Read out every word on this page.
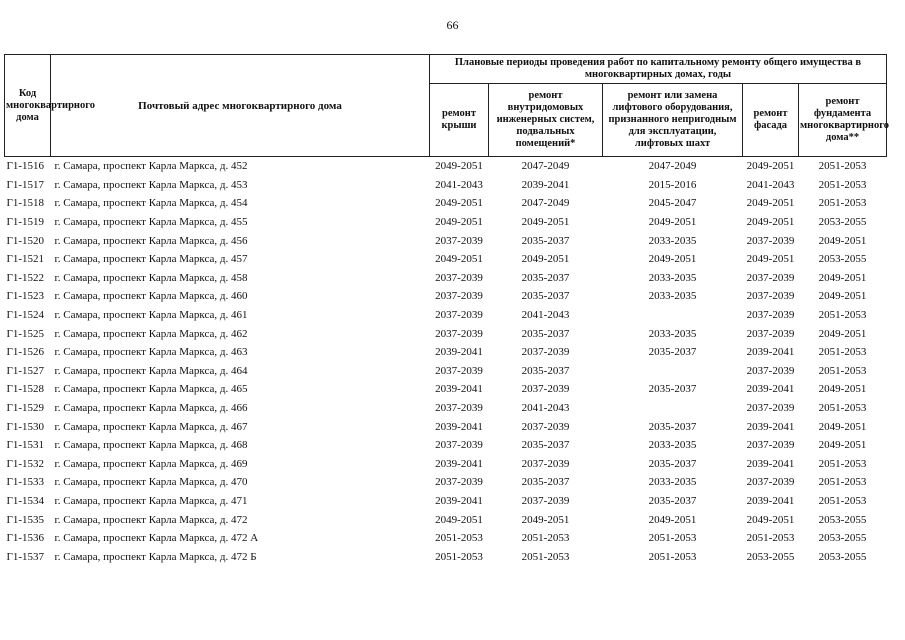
66
Код многоквартирного дома	Почтовый адрес многоквартирного дома	Плановые периоды проведения работ по капитальному ремонту общего имущества в многоквартирных домах, годы				
		ремонт крыши	ремонт внутридомовых инженерных систем, подвальных помещений*	ремонт или замена лифтового оборудования, признанного непригодным для эксплуатации, лифтовых шахт	ремонт фасада	ремонт фундамента многоквартирного дома**
Г1-1516	г. Самара, проспект Карла Маркса, д. 452	2049-2051	2047-2049	2047-2049	2049-2051	2051-2053
Г1-1517	г. Самара, проспект Карла Маркса, д. 453	2041-2043	2039-2041	2015-2016	2041-2043	2051-2053
Г1-1518	г. Самара, проспект Карла Маркса, д. 454	2049-2051	2047-2049	2045-2047	2049-2051	2051-2053
Г1-1519	г. Самара, проспект Карла Маркса, д. 455	2049-2051	2049-2051	2049-2051	2049-2051	2053-2055
Г1-1520	г. Самара, проспект Карла Маркса, д. 456	2037-2039	2035-2037	2033-2035	2037-2039	2049-2051
Г1-1521	г. Самара, проспект Карла Маркса, д. 457	2049-2051	2049-2051	2049-2051	2049-2051	2053-2055
Г1-1522	г. Самара, проспект Карла Маркса, д. 458	2037-2039	2035-2037	2033-2035	2037-2039	2049-2051
Г1-1523	г. Самара, проспект Карла Маркса, д. 460	2037-2039	2035-2037	2033-2035	2037-2039	2049-2051
Г1-1524	г. Самара, проспект Карла Маркса, д. 461	2037-2039	2041-2043		2037-2039	2051-2053
Г1-1525	г. Самара, проспект Карла Маркса, д. 462	2037-2039	2035-2037	2033-2035	2037-2039	2049-2051
Г1-1526	г. Самара, проспект Карла Маркса, д. 463	2039-2041	2037-2039	2035-2037	2039-2041	2051-2053
Г1-1527	г. Самара, проспект Карла Маркса, д. 464	2037-2039	2035-2037		2037-2039	2051-2053
Г1-1528	г. Самара, проспект Карла Маркса, д. 465	2039-2041	2037-2039	2035-2037	2039-2041	2049-2051
Г1-1529	г. Самара, проспект Карла Маркса, д. 466	2037-2039	2041-2043		2037-2039	2051-2053
Г1-1530	г. Самара, проспект Карла Маркса, д. 467	2039-2041	2037-2039	2035-2037	2039-2041	2049-2051
Г1-1531	г. Самара, проспект Карла Маркса, д. 468	2037-2039	2035-2037	2033-2035	2037-2039	2049-2051
Г1-1532	г. Самара, проспект Карла Маркса, д. 469	2039-2041	2037-2039	2035-2037	2039-2041	2051-2053
Г1-1533	г. Самара, проспект Карла Маркса, д. 470	2037-2039	2035-2037	2033-2035	2037-2039	2051-2053
Г1-1534	г. Самара, проспект Карла Маркса, д. 471	2039-2041	2037-2039	2035-2037	2039-2041	2051-2053
Г1-1535	г. Самара, проспект Карла Маркса, д. 472	2049-2051	2049-2051	2049-2051	2049-2051	2053-2055
Г1-1536	г. Самара, проспект Карла Маркса, д. 472 А	2051-2053	2051-2053	2051-2053	2051-2053	2053-2055
Г1-1537	г. Самара, проспект Карла Маркса, д. 472 Б	2051-2053	2051-2053	2051-2053	2053-2055	2053-2055
